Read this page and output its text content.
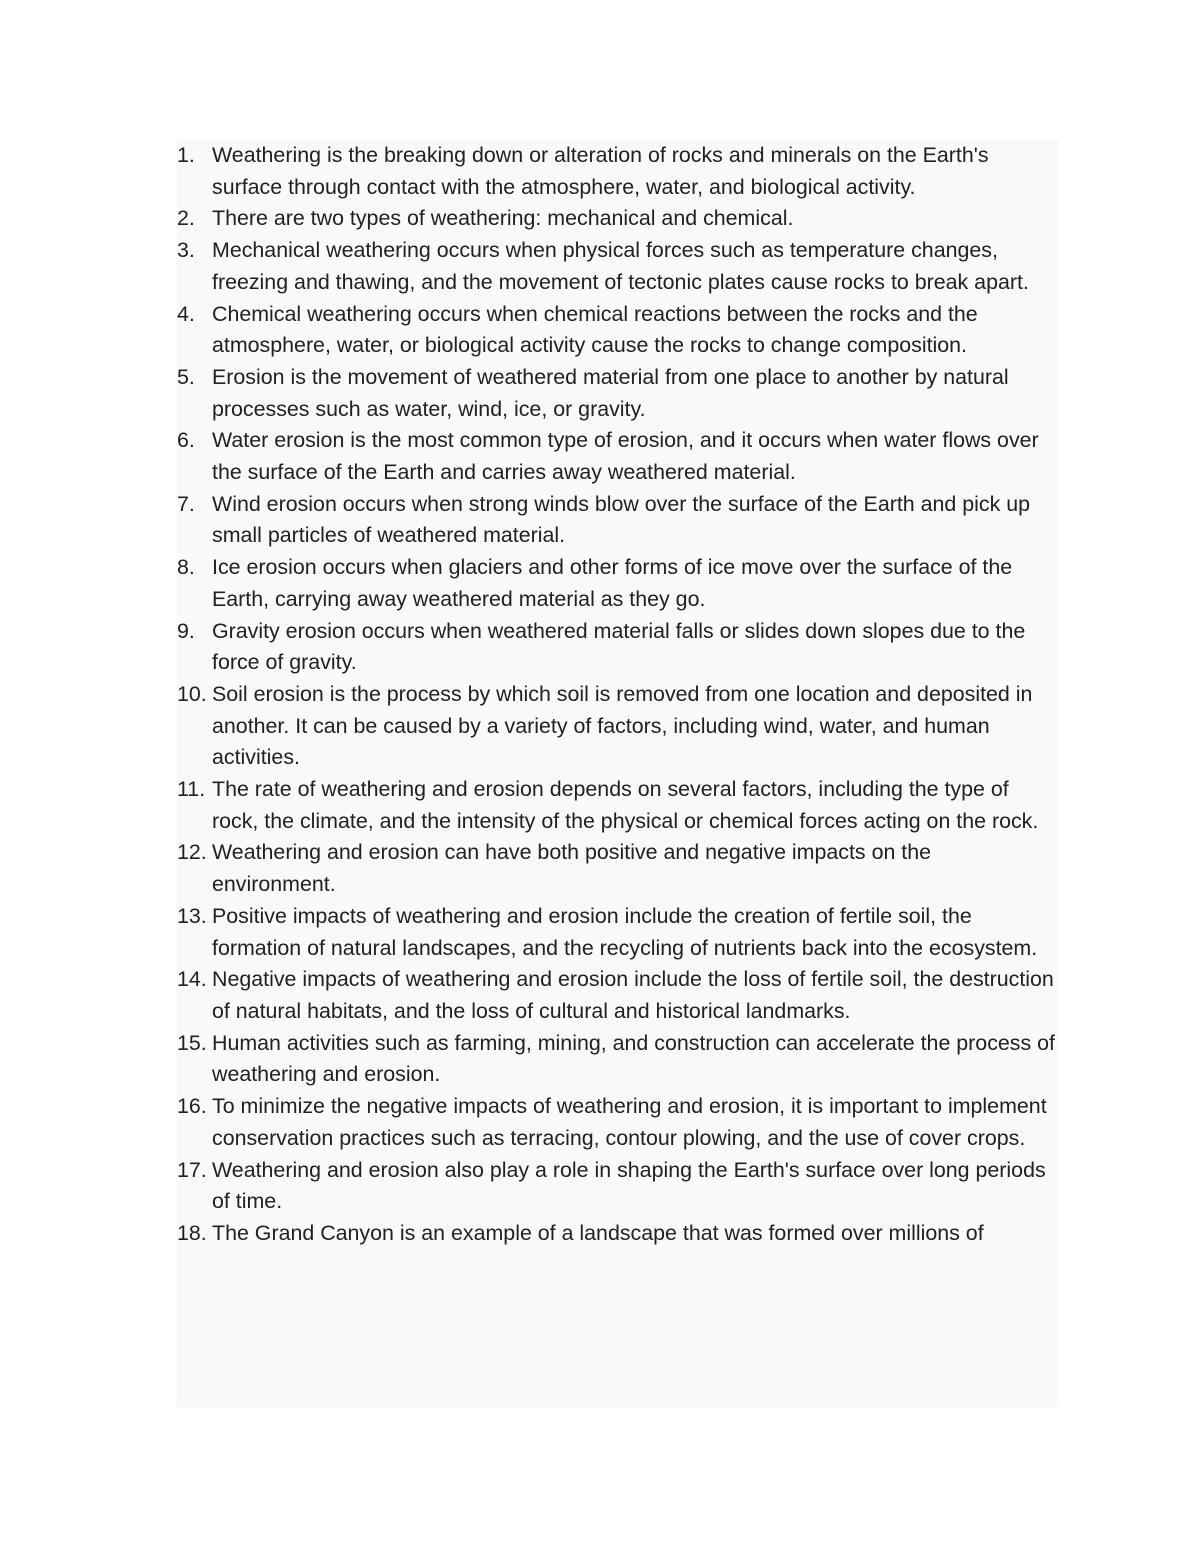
1. Weathering is the breaking down or alteration of rocks and minerals on the Earth's surface through contact with the atmosphere, water, and biological activity.
2. There are two types of weathering: mechanical and chemical.
3. Mechanical weathering occurs when physical forces such as temperature changes, freezing and thawing, and the movement of tectonic plates cause rocks to break apart.
4. Chemical weathering occurs when chemical reactions between the rocks and the atmosphere, water, or biological activity cause the rocks to change composition.
5. Erosion is the movement of weathered material from one place to another by natural processes such as water, wind, ice, or gravity.
6. Water erosion is the most common type of erosion, and it occurs when water flows over the surface of the Earth and carries away weathered material.
7. Wind erosion occurs when strong winds blow over the surface of the Earth and pick up small particles of weathered material.
8. Ice erosion occurs when glaciers and other forms of ice move over the surface of the Earth, carrying away weathered material as they go.
9. Gravity erosion occurs when weathered material falls or slides down slopes due to the force of gravity.
10. Soil erosion is the process by which soil is removed from one location and deposited in another. It can be caused by a variety of factors, including wind, water, and human activities.
11. The rate of weathering and erosion depends on several factors, including the type of rock, the climate, and the intensity of the physical or chemical forces acting on the rock.
12. Weathering and erosion can have both positive and negative impacts on the environment.
13. Positive impacts of weathering and erosion include the creation of fertile soil, the formation of natural landscapes, and the recycling of nutrients back into the ecosystem.
14. Negative impacts of weathering and erosion include the loss of fertile soil, the destruction of natural habitats, and the loss of cultural and historical landmarks.
15. Human activities such as farming, mining, and construction can accelerate the process of weathering and erosion.
16. To minimize the negative impacts of weathering and erosion, it is important to implement conservation practices such as terracing, contour plowing, and the use of cover crops.
17. Weathering and erosion also play a role in shaping the Earth's surface over long periods of time.
18. The Grand Canyon is an example of a landscape that was formed over millions of
